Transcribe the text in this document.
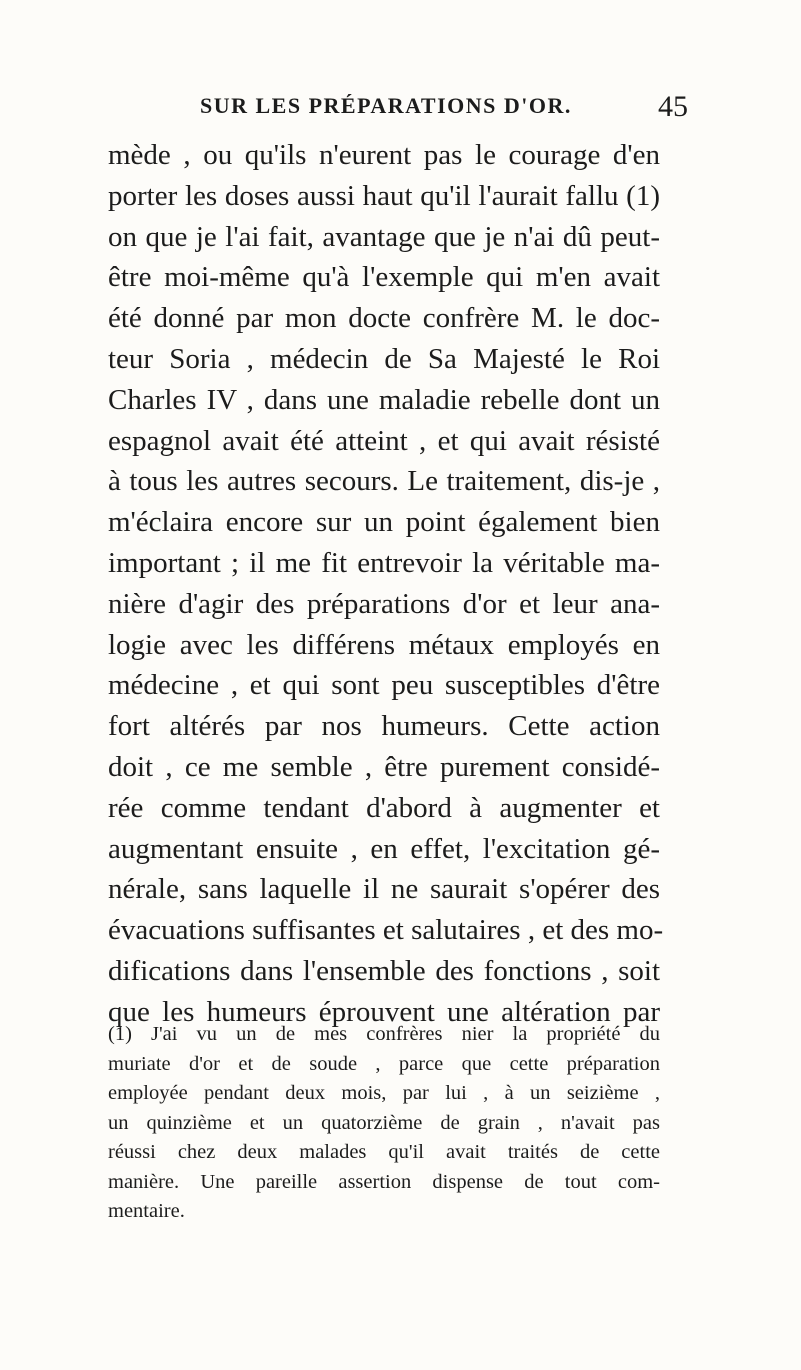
SUR LES PRÉPARATIONS D'OR.	45
mède , ou qu'ils n'eurent pas le courage d'en
porter les doses aussi haut qu'il l'aurait fallu (1)
on que je l'ai fait, avantage que je n'ai dû peut-
être moi-même qu'à l'exemple qui m'en avait
été donné par mon docte confrère M. le doc-
teur Soria , médecin de Sa Majesté le Roi
Charles IV , dans une maladie rebelle dont un
espagnol avait été atteint , et qui avait résisté
à tous les autres secours. Le traitement, dis-je ,
m'éclaira encore sur un point également bien
important ; il me fit entrevoir la véritable ma-
nière d'agir des préparations d'or et leur ana-
logie avec les différens métaux employés en
médecine , et qui sont peu susceptibles d'être
fort altérés par nos humeurs. Cette action
doit , ce me semble , être purement considé-
rée comme tendant d'abord à augmenter et
augmentant ensuite , en effet, l'excitation gé-
nérale, sans laquelle il ne saurait s'opérer des
évacuations suffisantes et salutaires , et des mo-
difications dans l'ensemble des fonctions , soit
que les humeurs éprouvent une altération par
(1) J'ai vu un de mes confrères nier la propriété du
muriate d'or et de soude , parce que cette préparation
employée pendant deux mois, par lui , à un seizième ,
un quinzième et un quatorzième de grain , n'avait pas
réussi chez deux malades qu'il avait traités de cette
manière. Une pareille assertion dispense de tout com-
mentaire.
